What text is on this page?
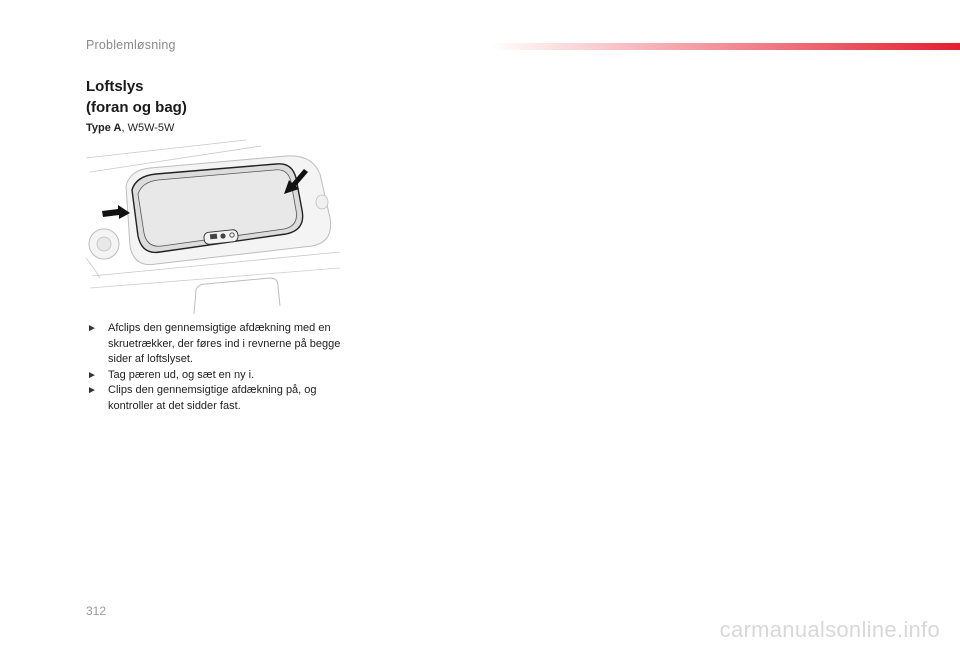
Problemløsning
Loftslys
(foran og bag)
Type A, W5W-5W
► Afclips den gennemsigtige afdækning med en skruetrækker, der føres ind i revnerne på begge sider af loftslyset.
► Tag pæren ud, og sæt en ny i.
► Clips den gennemsigtige afdækning på, og kontroller at det sidder fast.
312
carmanualsonline.info
